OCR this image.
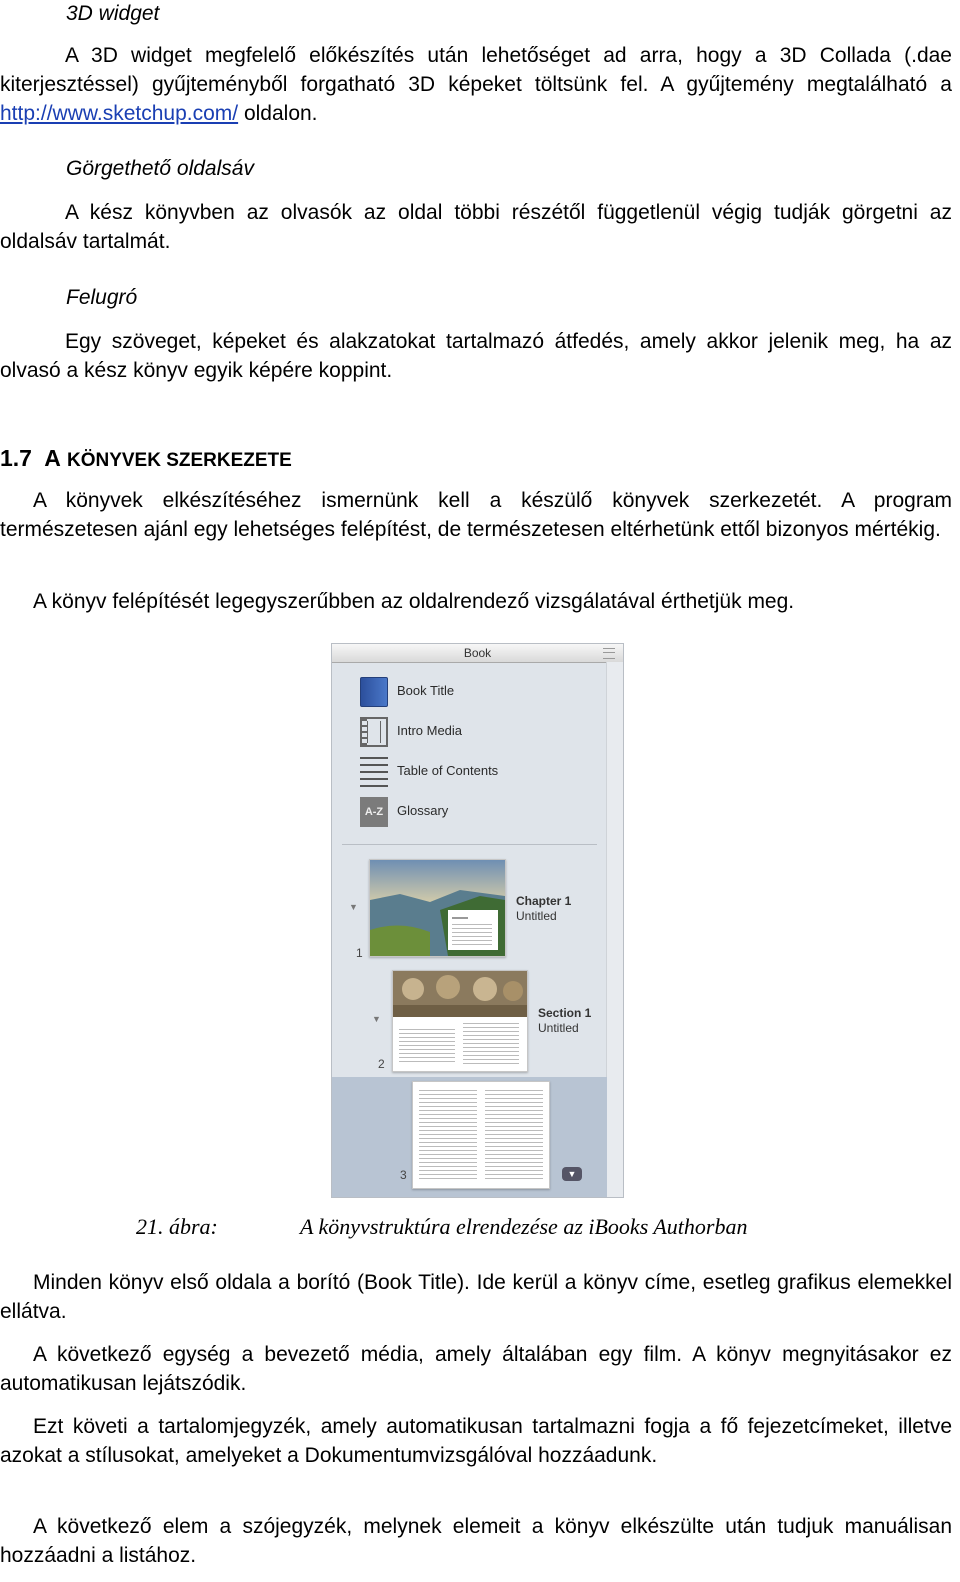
3D widget
A 3D widget megfelelő előkészítés után lehetőséget ad arra, hogy a 3D Collada (.dae kiterjesztéssel) gyűjteményből forgatható 3D képeket töltsünk fel. A gyűjtemény megtalálható a http://www.sketchup.com/ oldalon.
Görgethető oldalsáv
A kész könyvben az olvasók az oldal többi részétől függetlenül végig tudják görgetni az oldalsáv tartalmát.
Felugró
Egy szöveget, képeket és alakzatokat tartalmazó átfedés, amely akkor jelenik meg, ha az olvasó a kész könyv egyik képére koppint.
1.7 A KÖNYVEK SZERKEZETE
A könyvek elkészítéséhez ismernünk kell a készülő könyvek szerkezetét. A program természetesen ajánl egy lehetséges felépítést, de természetesen eltérhetünk ettől bizonyos mértékig.
A könyv felépítését legegyszerűbben az oldalrendező vizsgálatával érthetjük meg.
Book
Book Title
Intro Media
Table of Contents
A-Z	Glossary
▼
1
Chapter 1
Untitled
▼
2
Section 1
Untitled
3	▼
21. ábra:	A könyvstruktúra elrendezése az iBooks Authorban
Minden könyv első oldala a borító (Book Title). Ide kerül a könyv címe, esetleg grafikus elemekkel ellátva.
A következő egység a bevezető média, amely általában egy film. A könyv megnyitásakor ez automatikusan lejátszódik.
Ezt követi a tartalomjegyzék, amely automatikusan tartalmazni fogja a fő fejezetcímeket, illetve azokat a stílusokat, amelyeket a Dokumentumvizsgálóval hozzáadunk.
A következő elem a szójegyzék, melynek elemeit a könyv elkészülte után tudjuk manuálisan hozzáadni a listához.
